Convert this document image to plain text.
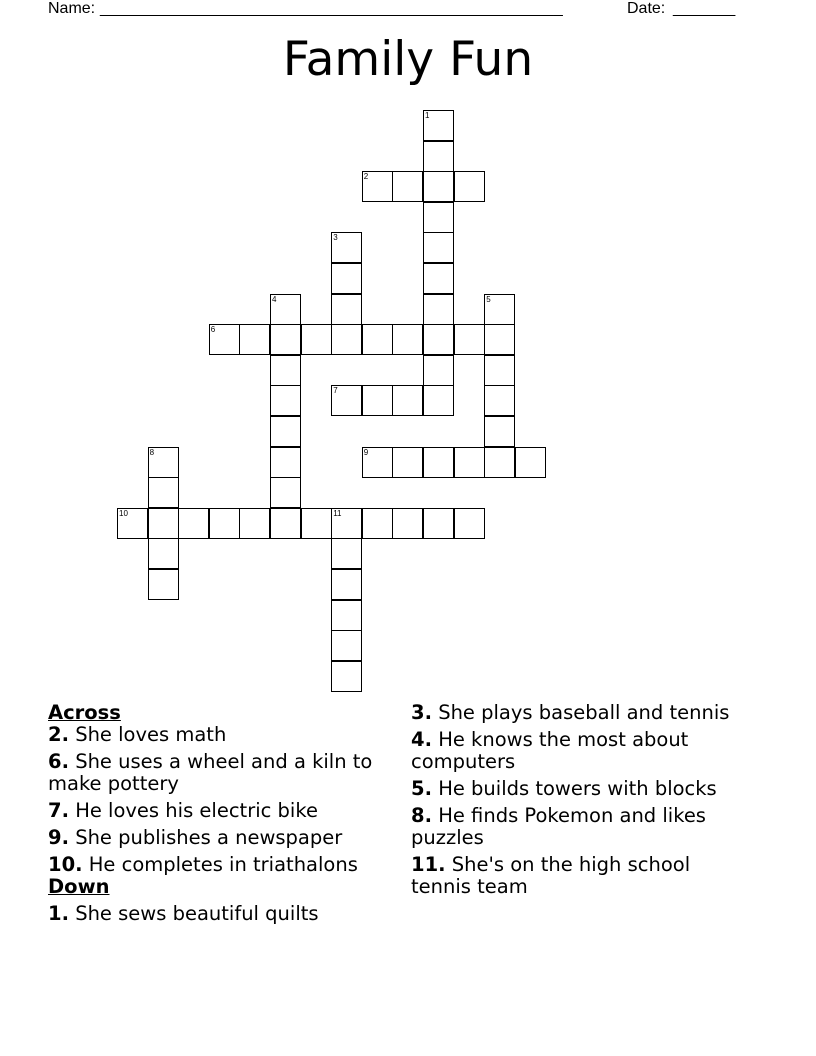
Name: ____________________________________________________	Date: _______
Family Fun
1
2
3
4	5
6
7
8	9
10	11
Across
2. She loves math
6. She uses a wheel and a kiln to make pottery
7. He loves his electric bike
9. She publishes a newspaper
10. He completes in triathalons
Down
1. She sews beautiful quilts
3. She plays baseball and tennis
4. He knows the most about computers
5. He builds towers with blocks
8. He finds Pokemon and likes puzzles
11. She's on the high school tennis team
